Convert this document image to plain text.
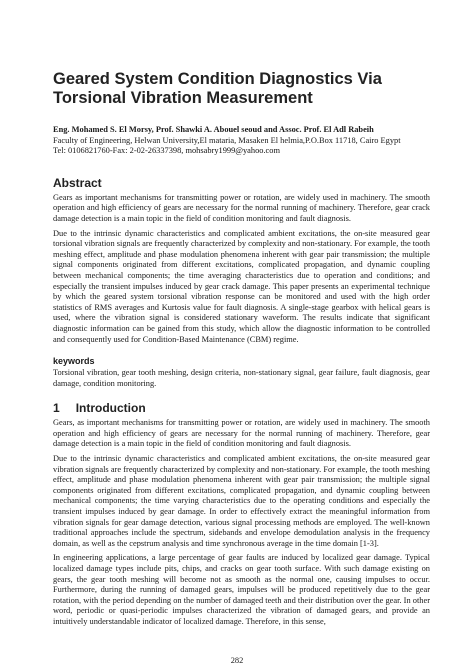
Geared System Condition Diagnostics Via Torsional Vibration Measurement
Eng. Mohamed S. El Morsy, Prof. Shawki A. Abouel seoud and Assoc. Prof. El Adl Rabeih
Faculty of Engineering, Helwan University,El mataria, Masaken El helmia,P.O.Box 11718, Cairo Egypt
Tel: 0106821760-Fax: 2-02-26337398, mohsabry1999@yahoo.com
Abstract

Gears as important mechanisms for transmitting power or rotation, are widely used in machinery. The smooth operation and high efficiency of gears are necessary for the normal running of machinery. Therefore, gear crack damage detection is a main topic in the field of condition monitoring and fault diagnosis.

Due to the intrinsic dynamic characteristics and complicated ambient excitations, the on-site measured gear torsional vibration signals are frequently characterized by complexity and non-stationary. For example, the tooth meshing effect, amplitude and phase modulation phenomena inherent with gear pair transmission; the multiple signal components originated from different excitations, complicated propagation, and dynamic coupling between mechanical components; the time averaging characteristics due to operation and conditions; and especially the transient impulses induced by gear crack damage. This paper presents an experimental technique by which the geared system torsional vibration response can be monitored and used with the high order statistics of RMS averages and Kurtosis value for fault diagnosis. A single-stage gearbox with helical gears is used, where the vibration signal is considered stationary waveform. The results indicate that significant diagnostic information can be gained from this study, which allow the diagnostic information to be controlled and consequently used for Condition-Based Maintenance (CBM) regime.

keywords

Torsional vibration, gear tooth meshing, design criteria, non-stationary signal, gear failure, fault diagnosis, gear damage, condition monitoring.

1 Introduction

Gears, as important mechanisms for transmitting power or rotation, are widely used in machinery. The smooth operation and high efficiency of gears are necessary for the normal running of machinery. Therefore, gear damage detection is a main topic in the field of condition monitoring and fault diagnosis.

Due to the intrinsic dynamic characteristics and complicated ambient excitations, the on-site measured gear vibration signals are frequently characterized by complexity and non-stationary. For example, the tooth meshing effect, amplitude and phase modulation phenomena inherent with gear pair transmission; the multiple signal components originated from different excitations, complicated propagation, and dynamic coupling between mechanical components; the time varying characteristics due to the operating conditions and especially the transient impulses induced by gear damage. In order to effectively extract the meaningful information from vibration signals for gear damage detection, various signal processing methods are employed. The well-known traditional approaches include the spectrum, sidebands and envelope demodulation analysis in the frequency domain, as well as the cepstrum analysis and time synchronous average in the time domain [1-3].

In engineering applications, a large percentage of gear faults are induced by localized gear damage. Typical localized damage types include pits, chips, and cracks on gear tooth surface. With such damage existing on gears, the gear tooth meshing will become not as smooth as the normal one, causing impulses to occur. Furthermore, during the running of damaged gears, impulses will be produced repetitively due to the gear rotation, with the period depending on the number of damaged teeth and their distribution over the gear. In other word, periodic or quasi-periodic impulses characterized the vibration of damaged gears, and provide an intuitively understandable indicator of localized damage. Therefore, in this sense,

282
